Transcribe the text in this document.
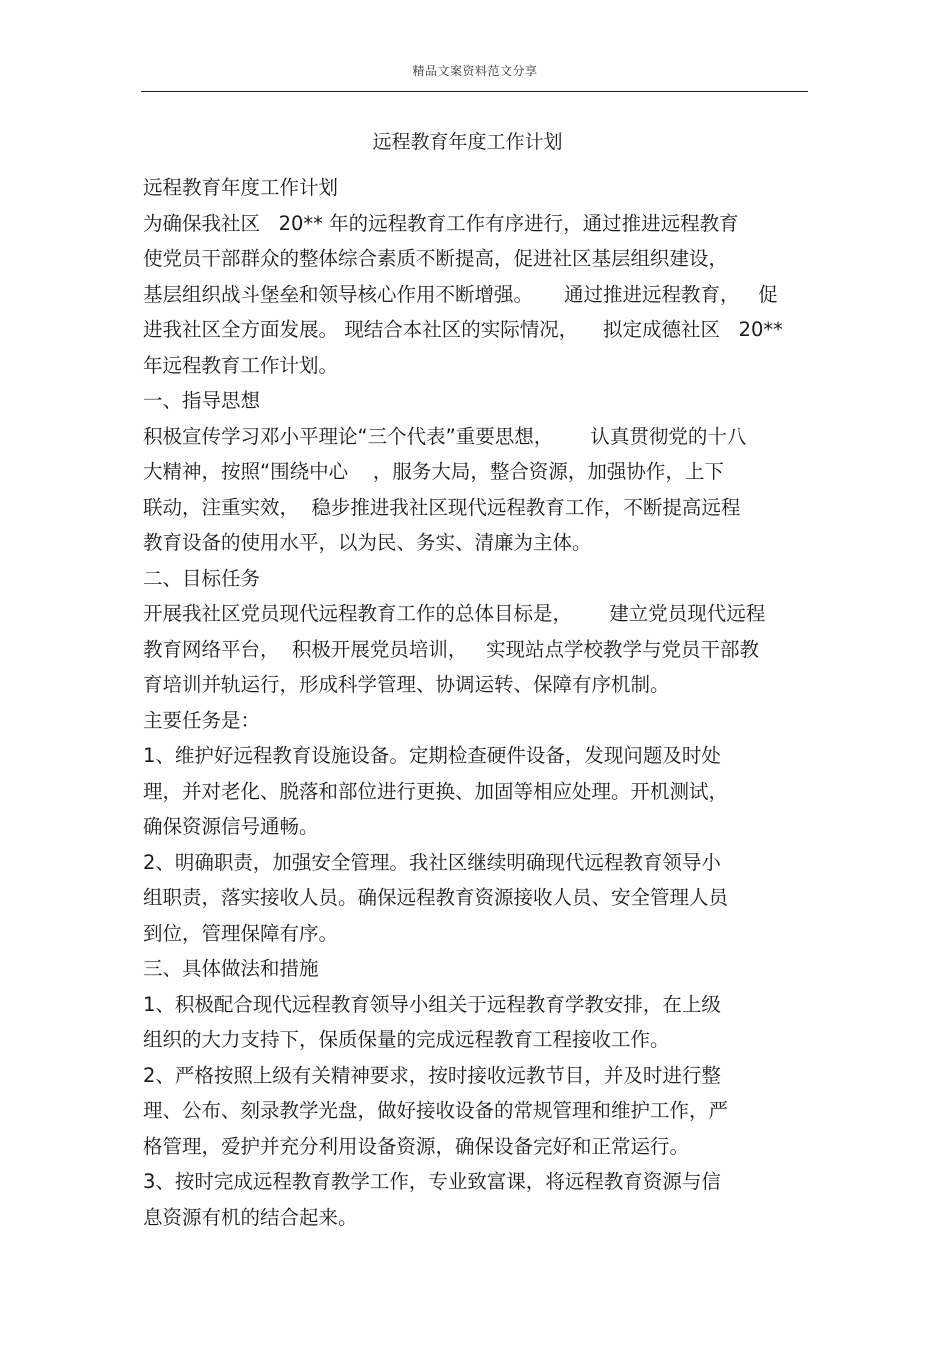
精品文案资料范文分享
远程教育年度工作计划
远程教育年度工作计划
为确保我社区   20** 年的远程教育工作有序进行，通过推进远程教育
使党员干部群众的整体综合素质不断提高，促进社区基层组织建设，
基层组织战斗堡垒和领导核心作用不断增强。     通过推进远程教育，   促
进我社区全方面发展。 现结合本社区的实际情况，    拟定成德社区   20**
年远程教育工作计划。
一、指导思想
积极宣传学习邓小平理论“三个代表”重要思想，      认真贯彻党的十八
大精神，按照“围绕中心    ，服务大局，整合资源，加强协作，上下
联动，注重实效，  稳步推进我社区现代远程教育工作，不断提高远程
教育设备的使用水平，以为民、务实、清廉为主体。
二、目标任务
开展我社区党员现代远程教育工作的总体目标是，      建立党员现代远程
教育网络平台，  积极开展党员培训，   实现站点学校教学与党员干部教
育培训并轨运行，形成科学管理、协调运转、保障有序机制。
主要任务是：
1、维护好远程教育设施设备。定期检查硬件设备，发现问题及时处
理，并对老化、脱落和部位进行更换、加固等相应处理。开机测试，
确保资源信号通畅。
2、明确职责，加强安全管理。我社区继续明确现代远程教育领导小
组职责，落实接收人员。确保远程教育资源接收人员、安全管理人员
到位，管理保障有序。
三、具体做法和措施
1、积极配合现代远程教育领导小组关于远程教育学教安排，在上级
组织的大力支持下，保质保量的完成远程教育工程接收工作。
2、严格按照上级有关精神要求，按时接收远教节目，并及时进行整
理、公布、刻录教学光盘，做好接收设备的常规管理和维护工作，严
格管理，爱护并充分利用设备资源，确保设备完好和正常运行。
3、按时完成远程教育教学工作，专业致富课，将远程教育资源与信
息资源有机的结合起来。
